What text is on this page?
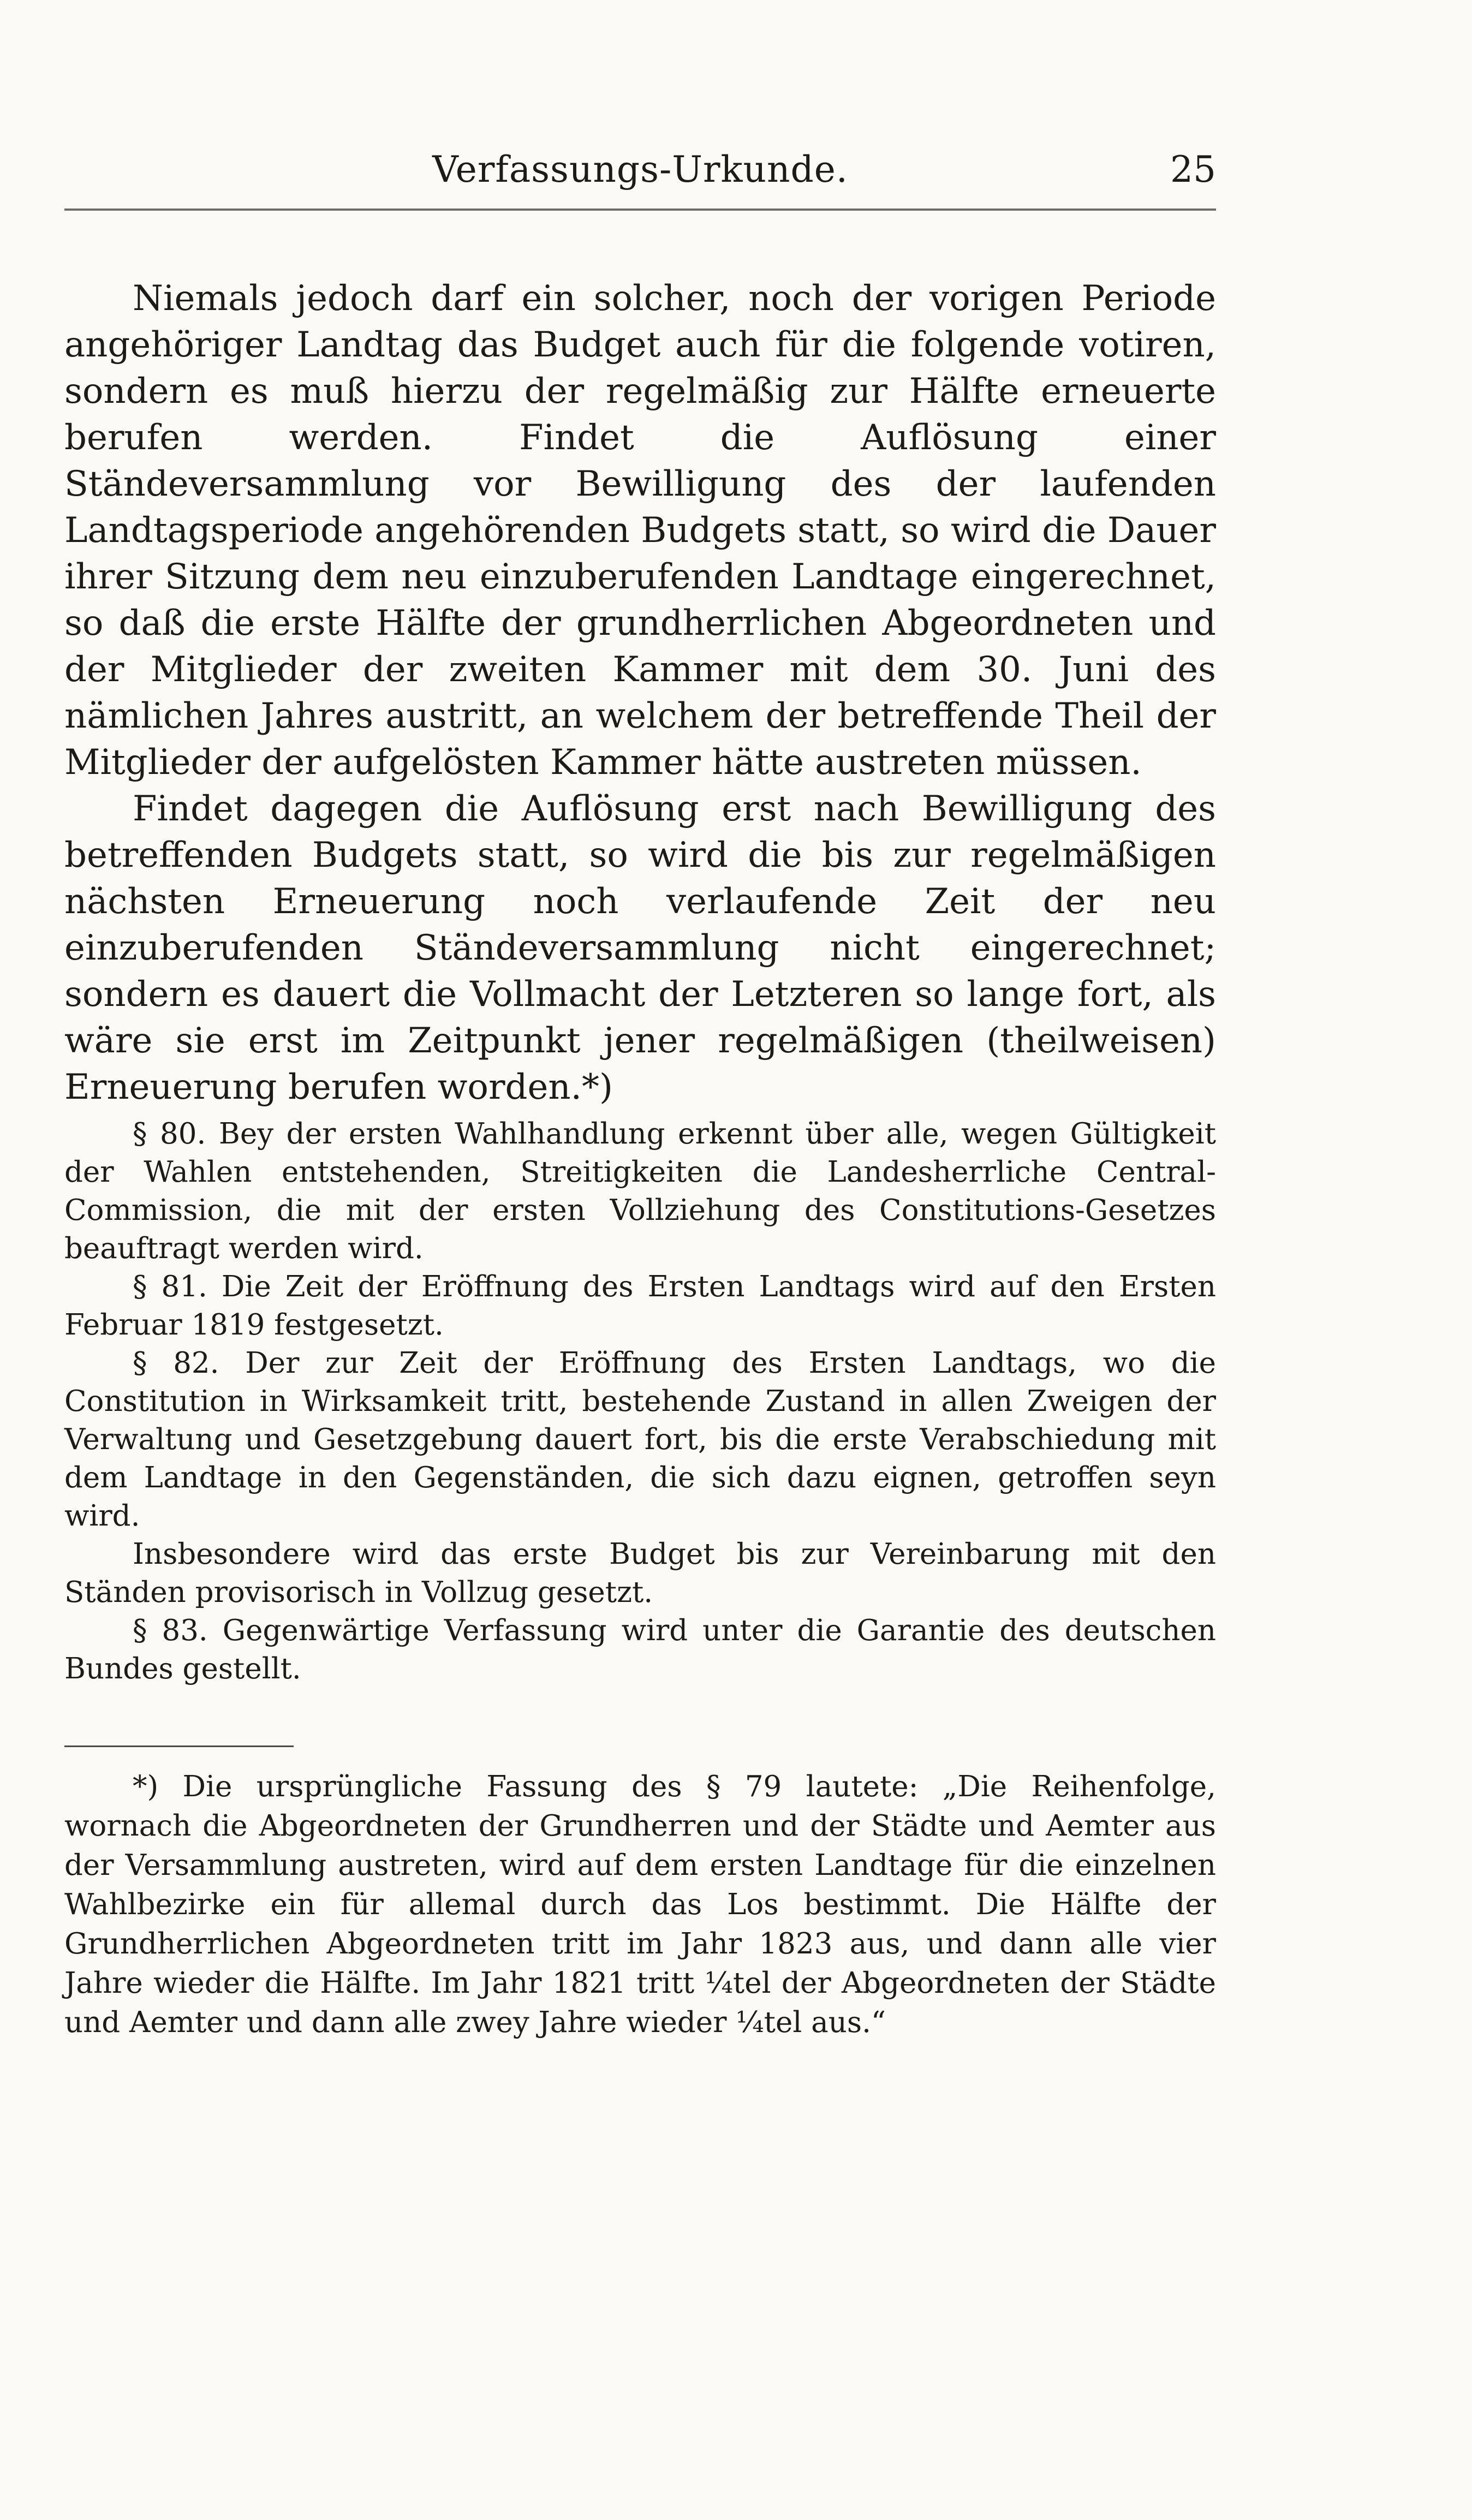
Verfassungs-Urkunde.	25

Niemals jedoch darf ein solcher, noch der vorigen Periode angehöriger Landtag das Budget auch für die folgende votiren, sondern es muß hierzu der regelmäßig zur Hälfte erneuerte berufen werden. Findet die Auflösung einer Ständeversammlung vor Bewilligung des der laufenden Landtagsperiode angehörenden Budgets statt, so wird die Dauer ihrer Sitzung dem neu einzuberufenden Landtage eingerechnet, so daß die erste Hälfte der grundherrlichen Abgeordneten und der Mitglieder der zweiten Kammer mit dem 30. Juni des nämlichen Jahres austritt, an welchem der betreffende Theil der Mitglieder der aufgelösten Kammer hätte austreten müssen.

Findet dagegen die Auflösung erst nach Bewilligung des betreffenden Budgets statt, so wird die bis zur regelmäßigen nächsten Erneuerung noch verlaufende Zeit der neu einzuberufenden Ständeversammlung nicht eingerechnet; sondern es dauert die Vollmacht der Letzteren so lange fort, als wäre sie erst im Zeitpunkt jener regelmäßigen (theilweisen) Erneuerung berufen worden.*)

§ 80. Bey der ersten Wahlhandlung erkennt über alle, wegen Gültigkeit der Wahlen entstehenden, Streitigkeiten die Landesherrliche Central-Commission, die mit der ersten Vollziehung des Constitutions-Gesetzes beauftragt werden wird.

§ 81. Die Zeit der Eröffnung des Ersten Landtags wird auf den Ersten Februar 1819 festgesetzt.

§ 82. Der zur Zeit der Eröffnung des Ersten Landtags, wo die Constitution in Wirksamkeit tritt, bestehende Zustand in allen Zweigen der Verwaltung und Gesetzgebung dauert fort, bis die erste Verabschiedung mit dem Landtage in den Gegenständen, die sich dazu eignen, getroffen seyn wird.

Insbesondere wird das erste Budget bis zur Vereinbarung mit den Ständen provisorisch in Vollzug gesetzt.

§ 83. Gegenwärtige Verfassung wird unter die Garantie des deutschen Bundes gestellt.

*) Die ursprüngliche Fassung des § 79 lautete: „Die Reihenfolge, wornach die Abgeordneten der Grundherren und der Städte und Aemter aus der Versammlung austreten, wird auf dem ersten Landtage für die einzelnen Wahlbezirke ein für allemal durch das Los bestimmt. Die Hälfte der Grundherrlichen Abgeordneten tritt im Jahr 1823 aus, und dann alle vier Jahre wieder die Hälfte. Im Jahr 1821 tritt ¼tel der Abgeordneten der Städte und Aemter und dann alle zwey Jahre wieder ¼tel aus.“
